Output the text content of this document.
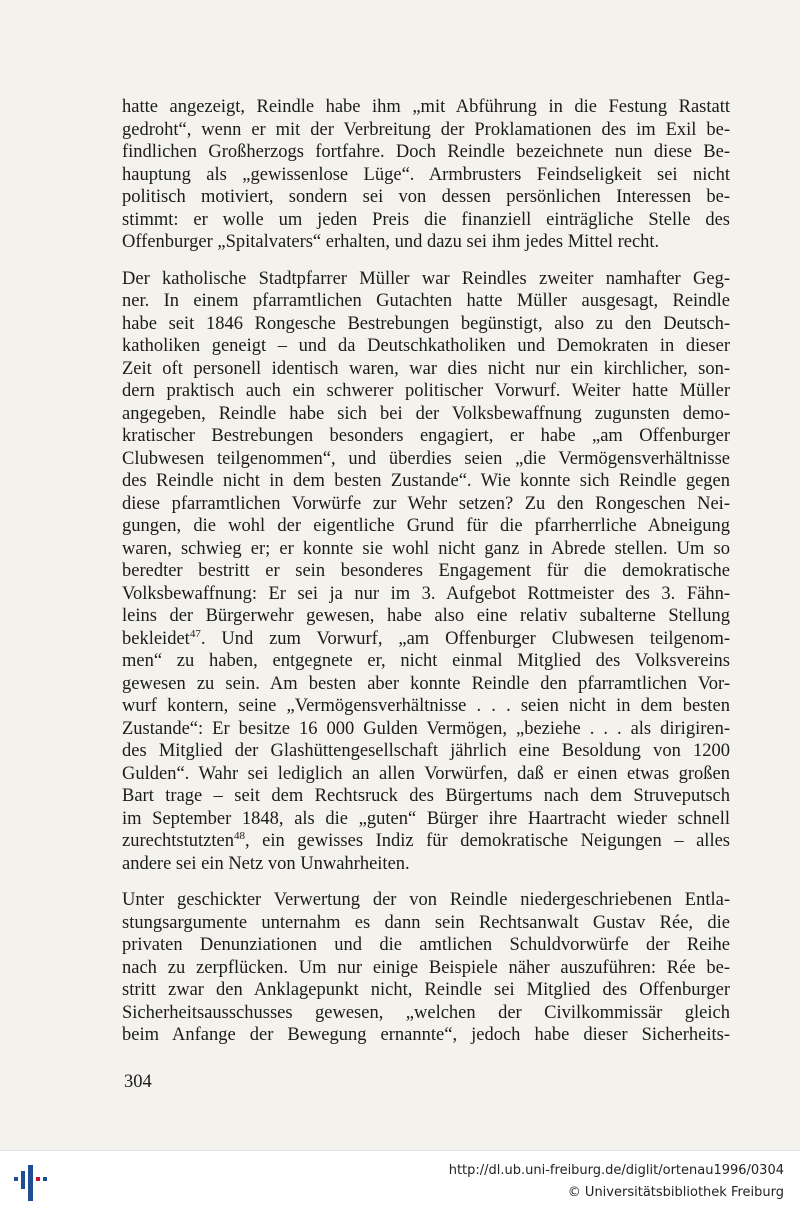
hatte angezeigt, Reindle habe ihm „mit Abführung in die Festung Rastatt
gedroht“, wenn er mit der Verbreitung der Proklamationen des im Exil be-
findlichen Großherzogs fortfahre. Doch Reindle bezeichnete nun diese Be-
hauptung als „gewissenlose Lüge“. Armbrusters Feindseligkeit sei nicht
politisch motiviert, sondern sei von dessen persönlichen Interessen be-
stimmt: er wolle um jeden Preis die finanziell einträgliche Stelle des
Offenburger „Spitalvaters“ erhalten, und dazu sei ihm jedes Mittel recht.

Der katholische Stadtpfarrer Müller war Reindles zweiter namhafter Geg-
ner. In einem pfarramtlichen Gutachten hatte Müller ausgesagt, Reindle
habe seit 1846 Rongesche Bestrebungen begünstigt, also zu den Deutsch-
katholiken geneigt – und da Deutschkatholiken und Demokraten in dieser
Zeit oft personell identisch waren, war dies nicht nur ein kirchlicher, son-
dern praktisch auch ein schwerer politischer Vorwurf. Weiter hatte Müller
angegeben, Reindle habe sich bei der Volksbewaffnung zugunsten demo-
kratischer Bestrebungen besonders engagiert, er habe „am Offenburger
Clubwesen teilgenommen“, und überdies seien „die Vermögensverhältnisse
des Reindle nicht in dem besten Zustande“. Wie konnte sich Reindle gegen
diese pfarramtlichen Vorwürfe zur Wehr setzen? Zu den Rongeschen Nei-
gungen, die wohl der eigentliche Grund für die pfarrherrliche Abneigung
waren, schwieg er; er konnte sie wohl nicht ganz in Abrede stellen. Um so
beredter bestritt er sein besonderes Engagement für die demokratische
Volksbewaffnung: Er sei ja nur im 3. Aufgebot Rottmeister des 3. Fähn-
leins der Bürgerwehr gewesen, habe also eine relativ subalterne Stellung
bekleidet$^{47}$. Und zum Vorwurf, „am Offenburger Clubwesen teilgenom-
men“ zu haben, entgegnete er, nicht einmal Mitglied des Volksvereins
gewesen zu sein. Am besten aber konnte Reindle den pfarramtlichen Vor-
wurf kontern, seine „Vermögensverhältnisse . . . seien nicht in dem besten
Zustande“: Er besitze 16 000 Gulden Vermögen, „beziehe . . . als dirigiren-
des Mitglied der Glashüttengesellschaft jährlich eine Besoldung von 1200
Gulden“. Wahr sei lediglich an allen Vorwürfen, daß er einen etwas großen
Bart trage – seit dem Rechtsruck des Bürgertums nach dem Struveputsch
im September 1848, als die „guten“ Bürger ihre Haartracht wieder schnell
zurechtstutzten$^{48}$, ein gewisses Indiz für demokratische Neigungen – alles
andere sei ein Netz von Unwahrheiten.

Unter geschickter Verwertung der von Reindle niedergeschriebenen Entla-
stungsargumente unternahm es dann sein Rechtsanwalt Gustav Rée, die
privaten Denunziationen und die amtlichen Schuldvorwürfe der Reihe
nach zu zerpflücken. Um nur einige Beispiele näher auszuführen: Rée be-
stritt zwar den Anklagepunkt nicht, Reindle sei Mitglied des Offenburger
Sicherheitsausschusses gewesen, „welchen der Civilkommissär gleich
beim Anfange der Bewegung ernannte“, jedoch habe dieser Sicherheits-

304
http://dl.ub.uni-freiburg.de/diglit/ortenau1996/0304
© Universitätsbibliothek Freiburg
